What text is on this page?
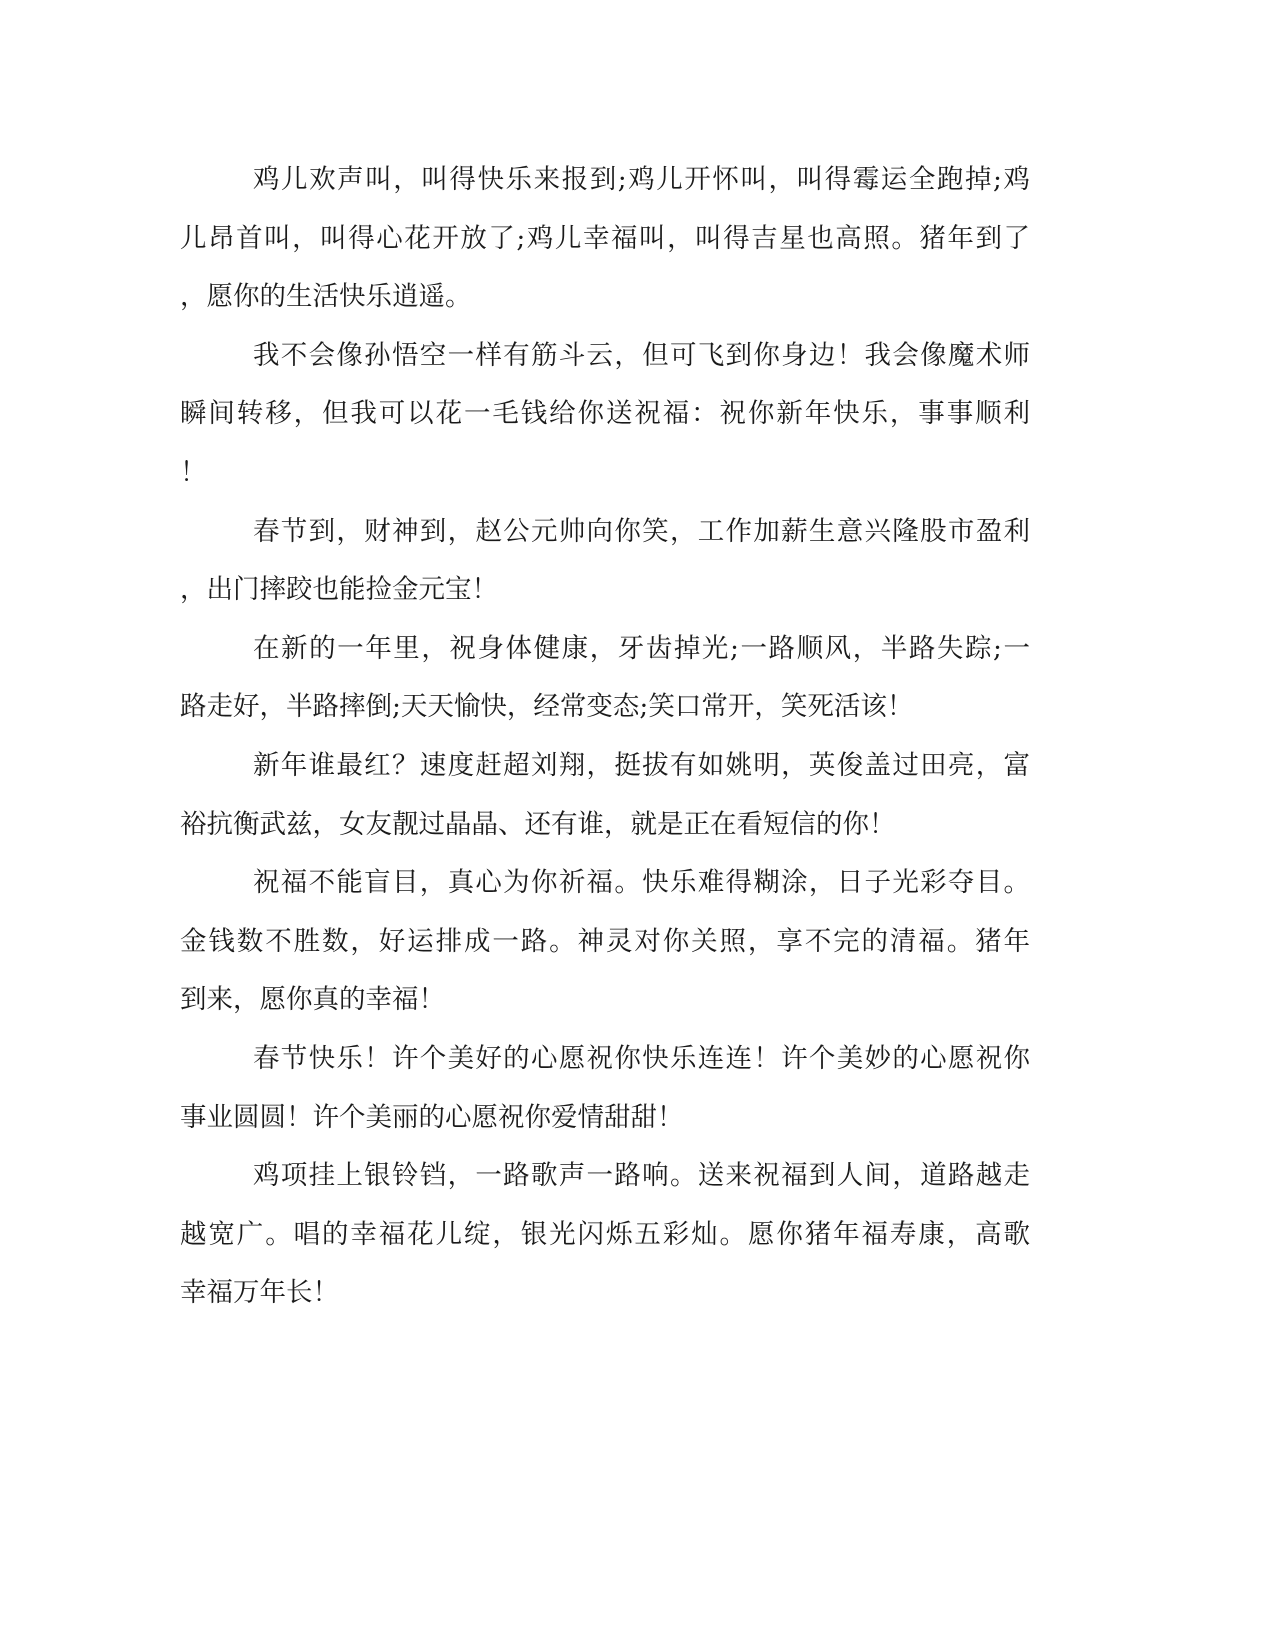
鸡儿欢声叫，叫得快乐来报到;鸡儿开怀叫，叫得霉运全跑掉;鸡
儿昂首叫，叫得心花开放了;鸡儿幸福叫，叫得吉星也高照。猪年到了
，愿你的生活快乐逍遥。
我不会像孙悟空一样有筋斗云，但可飞到你身边！我会像魔术师
瞬间转移，但我可以花一毛钱给你送祝福：祝你新年快乐，事事顺利
！
春节到，财神到，赵公元帅向你笑，工作加薪生意兴隆股市盈利
，出门摔跤也能捡金元宝！
在新的一年里，祝身体健康，牙齿掉光;一路顺风，半路失踪;一
路走好，半路摔倒;天天愉快，经常变态;笑口常开，笑死活该！
新年谁最红？速度赶超刘翔，挺拔有如姚明，英俊盖过田亮，富
裕抗衡武兹，女友靓过晶晶、还有谁，就是正在看短信的你！
祝福不能盲目，真心为你祈福。快乐难得糊涂，日子光彩夺目。
金钱数不胜数，好运排成一路。神灵对你关照，享不完的清福。猪年
到来，愿你真的幸福！
春节快乐！许个美好的心愿祝你快乐连连！许个美妙的心愿祝你
事业圆圆！许个美丽的心愿祝你爱情甜甜！
鸡项挂上银铃铛，一路歌声一路响。送来祝福到人间，道路越走
越宽广。唱的幸福花儿绽，银光闪烁五彩灿。愿你猪年福寿康，高歌
幸福万年长！
